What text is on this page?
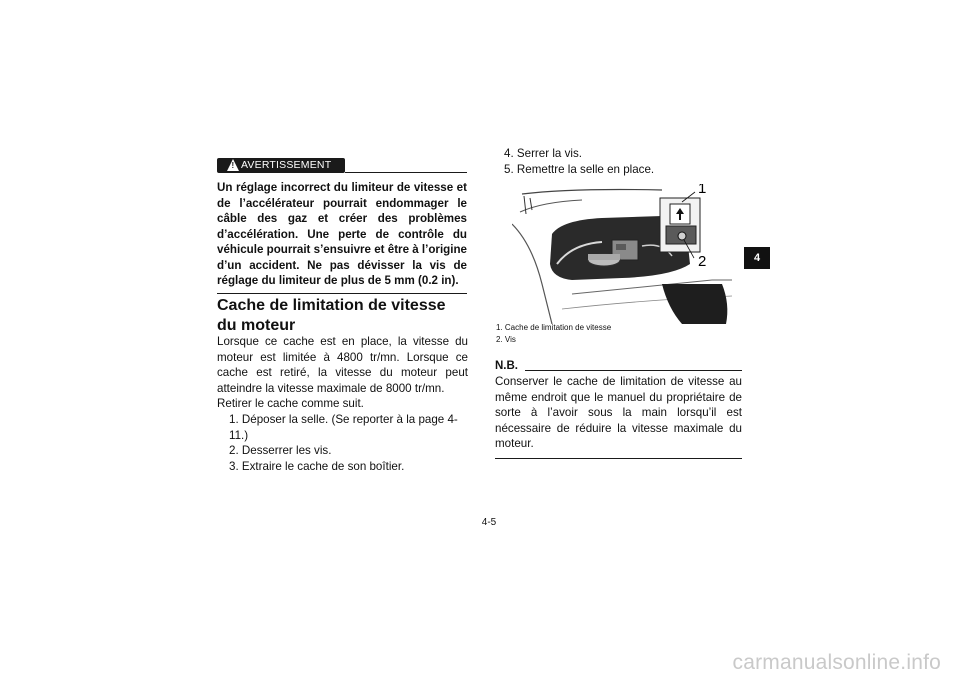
! AVERTISSEMENT
Un réglage incorrect du limiteur de vitesse et de l’accélérateur pourrait endommager le câble des gaz et créer des problèmes d’accélération. Une perte de contrôle du véhicule pourrait s’ensuivre et être à l’origine d’un accident. Ne pas dévisser la vis de réglage du limiteur de plus de 5 mm (0.2 in).
Cache de limitation de vitesse du moteur
Lorsque ce cache est en place, la vitesse du moteur est limitée à 4800 tr/mn. Lorsque ce cache est retiré, la vitesse du moteur peut atteindre la vitesse maximale de 8000 tr/mn.
Retirer le cache comme suit.
1. Déposer la selle. (Se reporter à la page 4-11.)
2. Desserrer les vis.
3. Extraire le cache de son boîtier.
4. Serrer la vis.
5. Remettre la selle en place.
1
2
1. Cache de limitation de vitesse
2. Vis
N.B.
Conserver le cache de limitation de vitesse au même endroit que le manuel du propriétaire de sorte à l’avoir sous la main lorsqu’il est nécessaire de réduire la vitesse maximale du moteur.
4
4-5
carmanualsonline.info
